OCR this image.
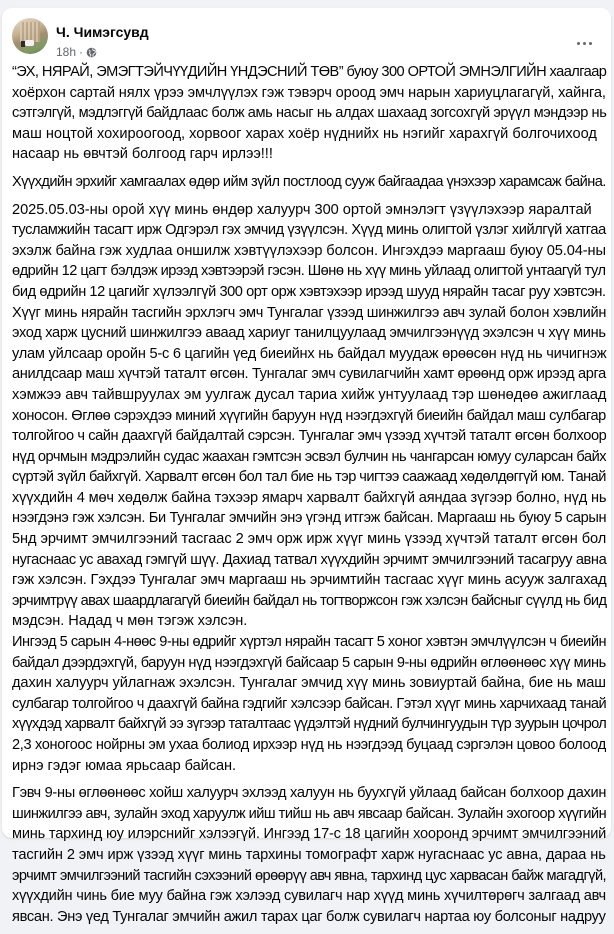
Ч. Чимэгсувд
18h ·

“ЭХ, НЯРАЙ, ЭМЭГТЭЙЧҮҮДИЙН ҮНДЭСНИЙ ТӨВ” буюу 300 ОРТОЙ ЭМНЭЛГИЙН хаалгаар
хоёрхон сартай нялх үрээ эмчлүүлэх гэж тэвэрч ороод эмч нарын хариуцлагагүй, хайнга,
сэтгэлгүй, мэдлэггүй байдлаас болж амь насыг нь алдах шахаад зогсохгүй эрүүл мэндээр нь
маш ноцтой хохироогоод, хорвоог харах хоёр нүднийх нь нэгийг харахгүй болгочихоод
насаар нь өвчтэй болгоод гарч ирлээ!!!

Хүүхдийн эрхийг хамгаалах өдөр ийм зүйл постлоод сууж байгаадаа үнэхээр харамсаж байна.

2025.05.03-ны орой хүү минь өндөр халуурч 300 ортой эмнэлэгт үзүүлэхээр яаралтай
тусламжийн тасагт ирж Одгэрэл гэх эмчид үзүүлсэн. Хүүд минь олигтой үзлэг хийлгүй хатгаа
эхэлж байна гэж худлаа оншилж хэвтүүлэхээр болсон. Ингэхдээ маргааш буюу 05.04-ны
өдрийн 12 цагт бэлдэж ирээд хэвтээрэй гэсэн. Шөнө нь хүү минь уйлаад олигтой унтаагүй тул
бид өдрийн 12 цагийг хүлээлгүй 300 орт орж хэвтэхээр ирээд шууд нярайн тасаг руу хэвтсэн.
Хүүг минь нярайн тасгийн эрхлэгч эмч Тунгалаг үзээд шинжилгээ авч зулай болон хэвлийн
эход харж цусний шинжилгээ аваад хариуг танилцуулаад эмчилгээнүүд эхэлсэн ч хүү минь
улам уйлсаар оройн 5-с 6 цагийн үед биеийнх нь байдал муудаж өрөөсөн нүд нь чичигнэж
анилдсаар маш хүчтэй таталт өгсөн. Тунгалаг эмч сувилагчийн хамт өрөөнд орж ирээд арга
хэмжээ авч тайвшруулах эм уулгаж дусал тариа хийж унтуулаад тэр шөнөдөө ажиглаад
хоносон. Өглөө сэрэхдээ миний хүүгийн баруун нүд нээгдэхгүй биеийн байдал маш сулбагар
толгойгоо ч сайн даахгүй байдалтай сэрсэн. Тунгалаг эмч үзээд хүчтэй таталт өгсөн болхоор
нүд орчмын мэдрэлийн судас жаахан гэмтсэн эсвэл булчин нь чангарсан юмуу суларсан байх
сүртэй зүйл байхгүй. Харвалт өгсөн бол тал бие нь тэр чигтээ саажаад хөдөлдөггүй юм. Танай
хүүхдийн 4 мөч хөдөлж байна тэхээр ямарч харвалт байхгүй аяндаа зүгээр болно, нүд нь
нээгдэнэ гэж хэлсэн. Би Тунгалаг эмчийн энэ үгэнд итгэж байсан. Маргааш нь буюу 5 сарын
5нд эрчимт эмчилгээний тасгаас 2 эмч орж ирж хүүг минь үзээд хүчтэй таталт өгсөн бол
нугаснаас ус авахад гэмгүй шүү. Дахиад татвал хүүхдийн эрчимт эмчилгээний тасагруу авна
гэж хэлсэн. Гэхдээ Тунгалаг эмч маргааш нь эрчимтийн тасгаас хүүг минь асууж залгахад
эрчимтрүү авах шаардлагагүй биеийн байдал нь тогтворжсон гэж хэлсэн байсныг сүүлд нь бид
мэдсэн. Надад ч мөн тэгэж хэлсэн.
Ингээд 5 сарын 4-нөөс 9-ны өдрийг хүртэл нярайн тасагт 5 хоног хэвтэн эмчлүүлсэн ч биеийн
байдал дээрдэхгүй, баруун нүд нээгдэхгүй байсаар 5 сарын 9-ны өдрийн өглөөнөөс хүү минь
дахин халуурч уйлагнаж эхэлсэн. Тунгалаг эмчид хүү минь зовиуртай байна, бие нь маш
сулбагар толгойгоо ч даахгүй байна гэдгийг хэлсээр байсан. Гэтэл хүүг минь харчихаад танай
хүүхдэд харвалт байхгүй ээ зүгээр таталтаас үүдэлтэй нүдний булчингуудын түр зуурын цочрол
2,3 хоногоос нойрны эм ухаа болиод ирхээр нүд нь нээгдээд буцаад сэргэлэн цовоо болоод
ирнэ гэдэг юмаа ярьсаар байсан.

Гэвч 9-ны өглөөнөөс хойш халуурч эхлээд халуун нь буухгүй уйлаад байсан болхоор дахин
шинжилгээ авч, зулайн эход харуулж ийш тийш нь авч явсаар байсан. Зулайн эхогоор хүүгийн
минь тархинд юу илэрснийг хэлээгүй. Ингээд 17-с 18 цагийн хооронд эрчимт эмчилгээний
тасгийн 2 эмч ирж үзээд хүүг минь тархины томографт харж нугаснаас ус авна, дараа нь
эрчимт эмчилгээний тасгийн сэхээний өрөөрүү авч явна, тархинд цус харвасан байж магадгүй,
хүүхдийн чинь бие муу байна гэж хэлээд сувилагч нар хүүд минь хүчилтөрөгч залгаад авч
явсан. Энэ үед Тунгалаг эмчийн ажил тарах цаг болж сувилагч нартаа юу болсоныг надруу
